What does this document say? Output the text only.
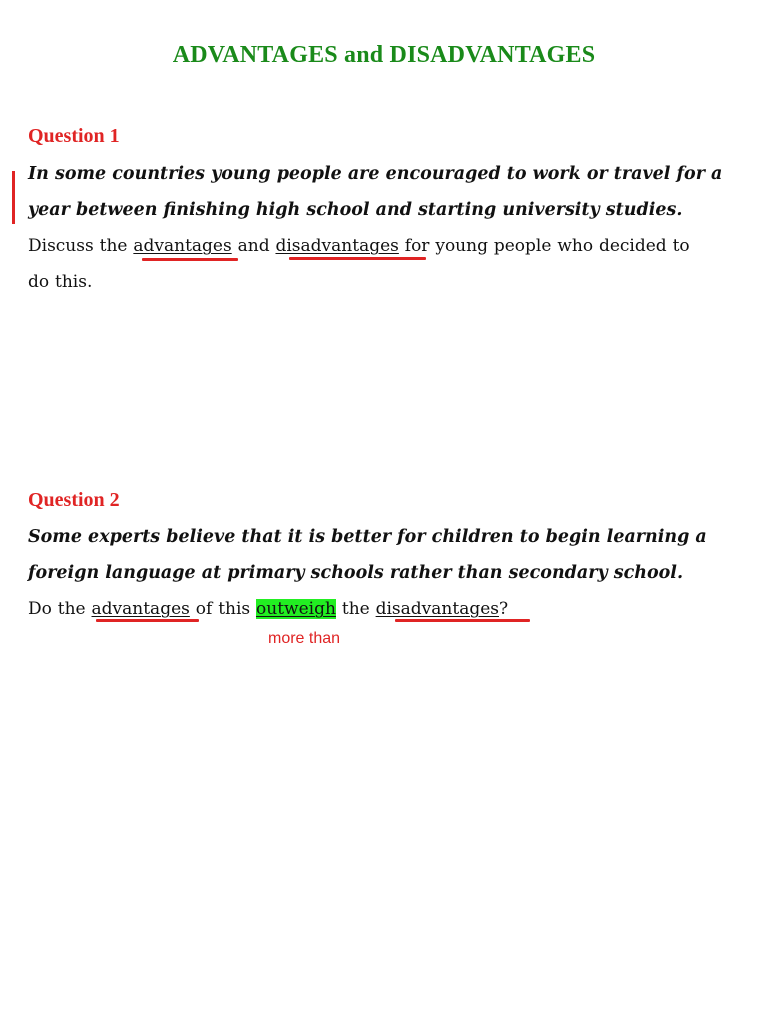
ADVANTAGES and DISADVANTAGES
Question 1

In some countries young people are encouraged to work or travel for a

year between finishing high school and starting university studies.

Discuss the advantages and disadvantages for young people who decided to

do this.

Question 2

Some experts believe that it is better for children to begin learning a

foreign language at primary schools rather than secondary school.

Do the advantages of this outweigh the disadvantages?

more than
